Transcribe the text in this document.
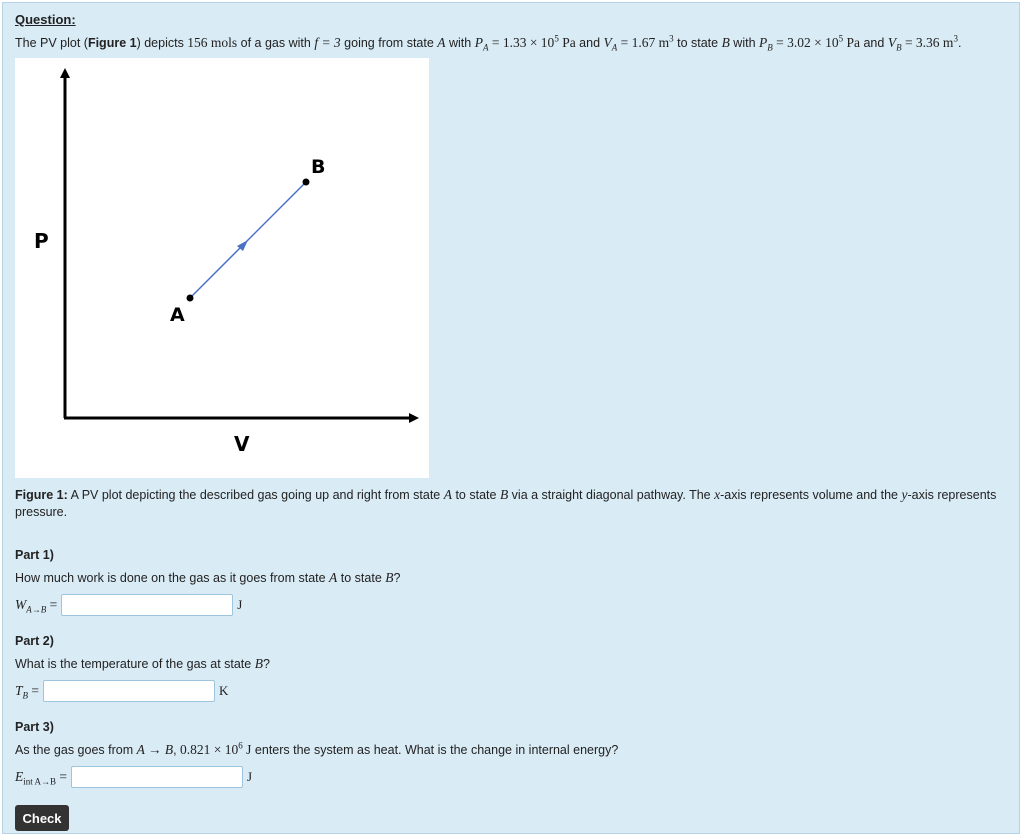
Question:
The PV plot (Figure 1) depicts 156 mols of a gas with f = 3 going from state A with $P_A = 1.33 \times 10^5$ Pa and $V_A = 1.67$ $m^3$ to state B with $P_B = 3.02 \times 10^5$ Pa and $V_B = 3.36$ $m^3$.
A
B
P
V
Figure 1: A PV plot depicting the described gas going up and right from state A to state B via a straight diagonal pathway. The x-axis represents volume and the y-axis represents pressure.
Part 1)
How much work is done on the gas as it goes from state A to state B?
$W_{A\to B}$ =	J
Part 2)
What is the temperature of the gas at state B?
$T_B$ =	K
Part 3)
As the gas goes from A → B, $0.821 \times 10^6$ J enters the system as heat. What is the change in internal energy?
$E_{int A\to B}$ =	J
Check
